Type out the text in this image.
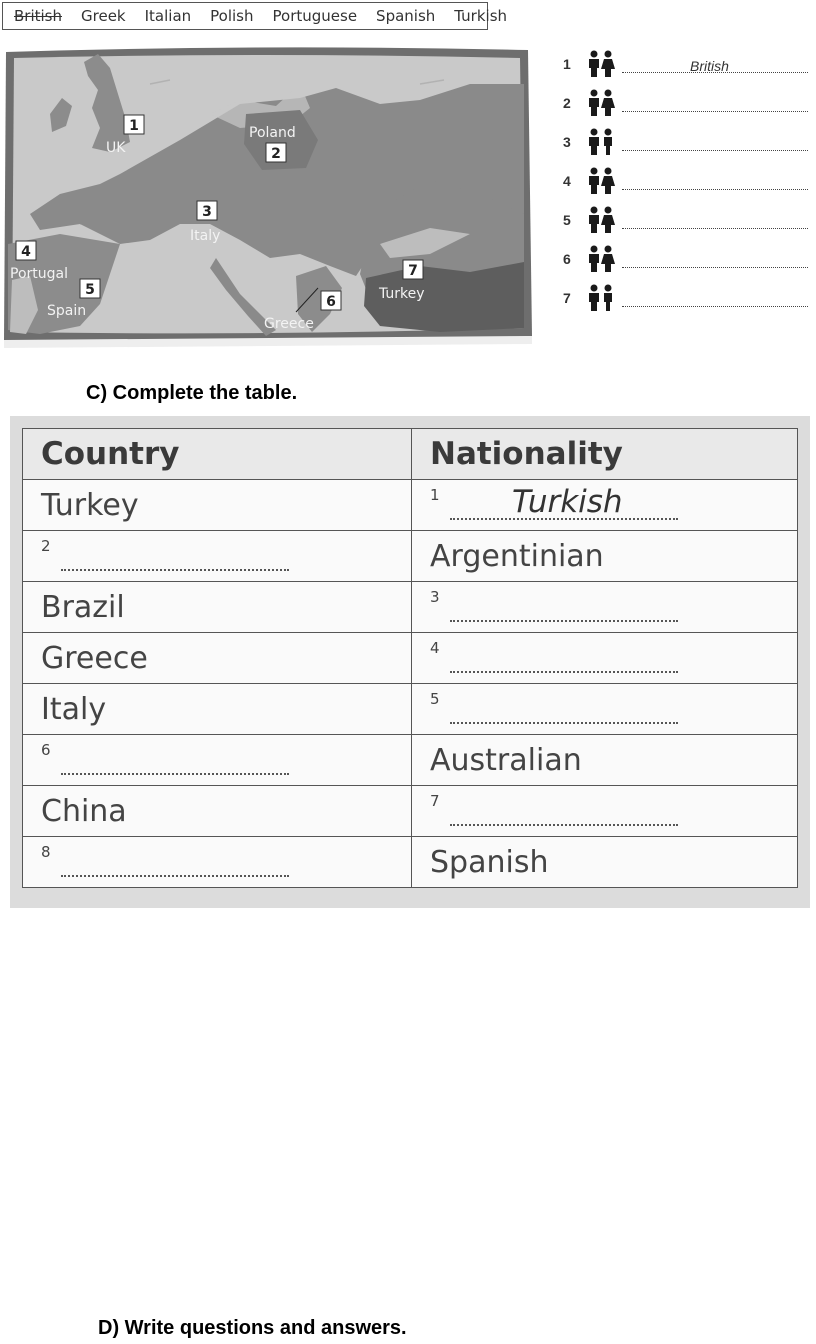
British Greek Italian Polish Portuguese Spanish Turkish
1
UK
Poland
2
3
Italy
4
Portugal
5
Spain
6
Greece
7
Turkey
1	British
2
3
4
5
6
7
C) Complete the table.
Country	Nationality
Turkey	1 Turkish

2	Argentinian
Brazil	3

Greece	4

Italy	5

6	Australian
China	7

8	Spanish
D) Write questions and answers.
